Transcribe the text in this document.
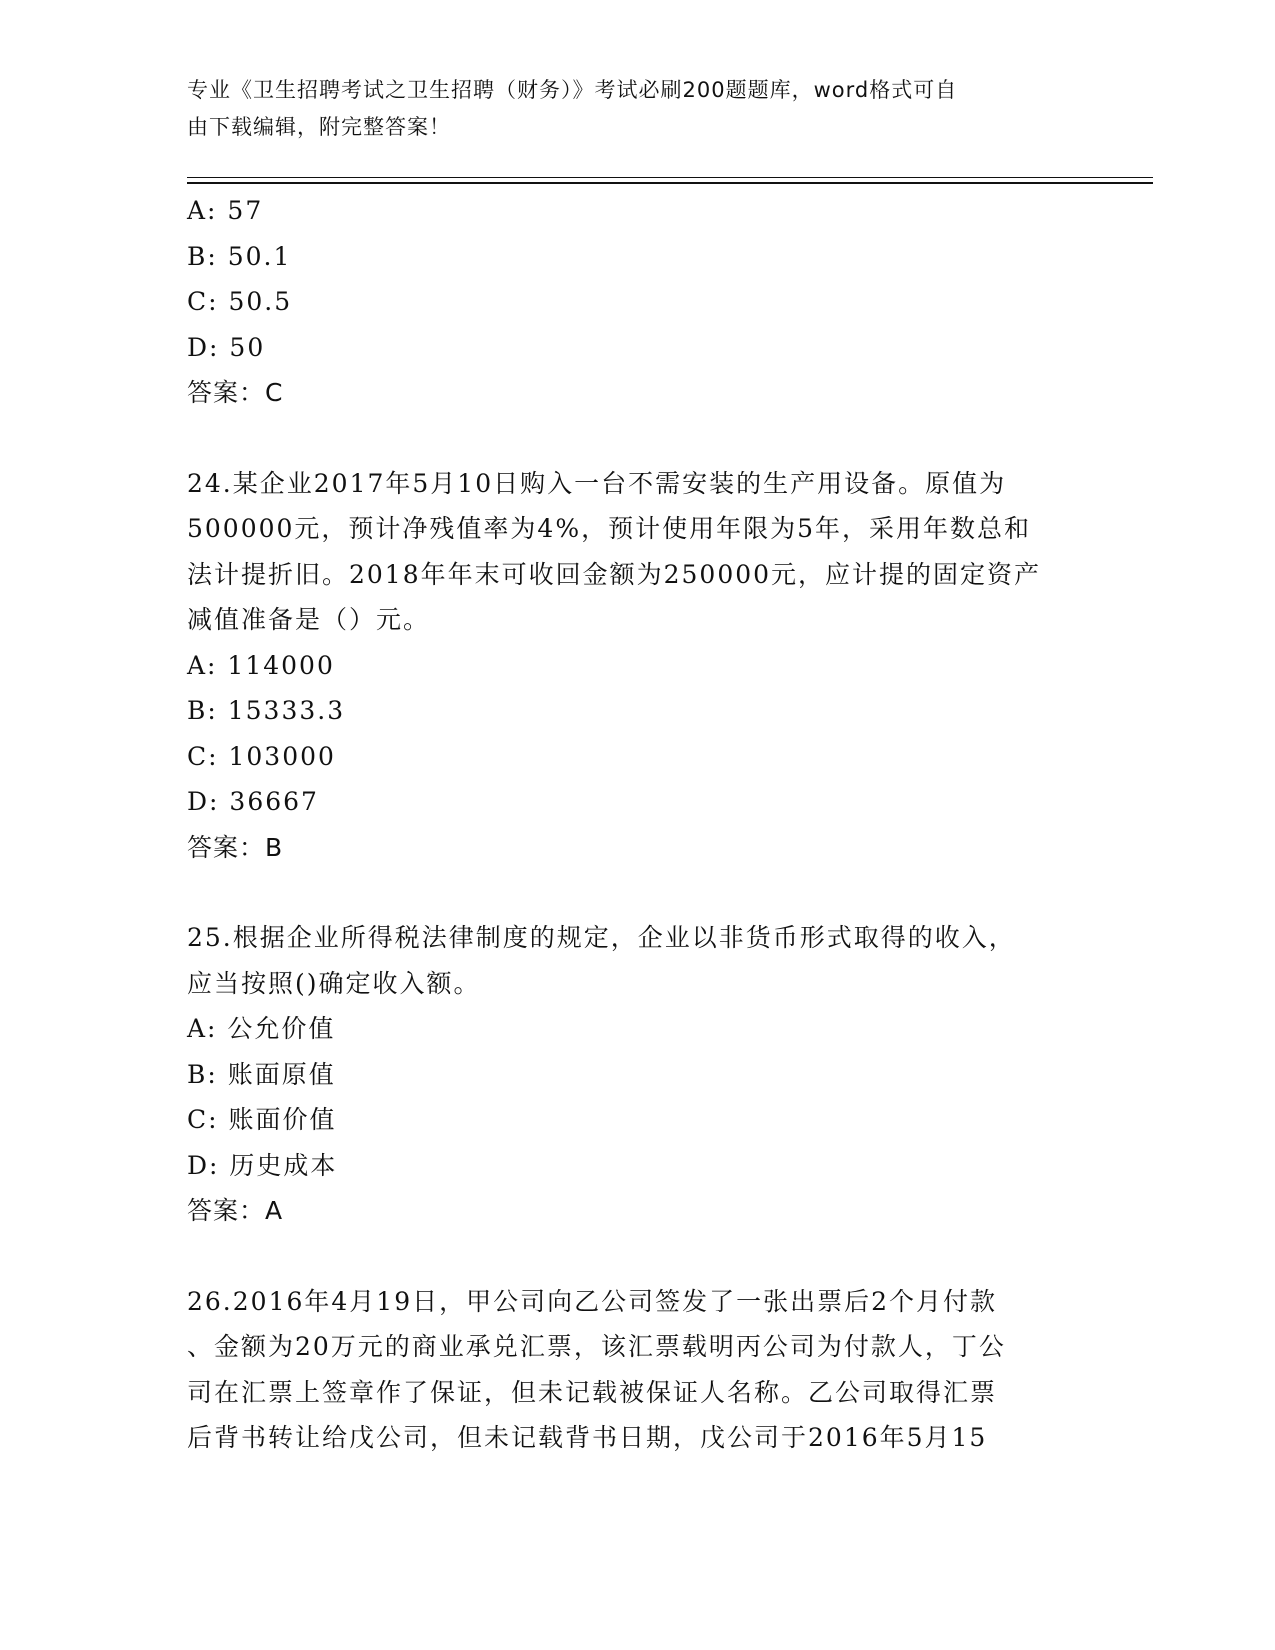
专业《卫生招聘考试之卫生招聘（财务）》考试必刷200题题库，word格式可自
由下载编辑，附完整答案！
A: 57
B: 50.1
C: 50.5
D: 50
答案：C
24.某企业2017年5月10日购入一台不需安装的生产用设备。原值为
500000元，预计净残值率为4%，预计使用年限为5年，采用年数总和
法计提折旧。2018年年末可收回金额为250000元，应计提的固定资产
减值准备是（）元。
A: 114000
B: 15333.3
C: 103000
D: 36667
答案：B
25.根据企业所得税法律制度的规定，企业以非货币形式取得的收入，
应当按照()确定收入额。
A: 公允价值
B: 账面原值
C: 账面价值
D: 历史成本
答案：A
26.2016年4月19日，甲公司向乙公司签发了一张出票后2个月付款
、金额为20万元的商业承兑汇票，该汇票载明丙公司为付款人，丁公
司在汇票上签章作了保证，但未记载被保证人名称。乙公司取得汇票
后背书转让给戊公司，但未记载背书日期，戊公司于2016年5月15
